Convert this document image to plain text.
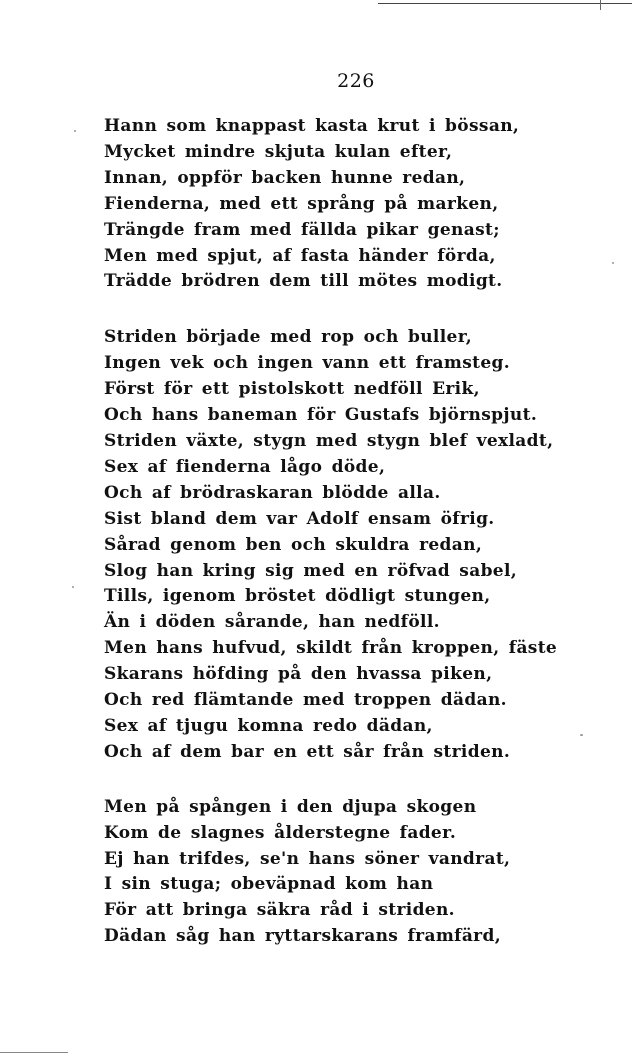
226
Hann som knappast kasta krut i bössan,
Mycket mindre skjuta kulan efter,
Innan, oppför backen hunne redan,
Fienderna, med ett språng på marken,
Trängde fram med fällda pikar genast;
Men med spjut, af fasta händer förda,
Trädde brödren dem till mötes modigt.
Striden började med rop och buller,
Ingen vek och ingen vann ett framsteg.
Först för ett pistolskott nedföll Erik,
Och hans baneman för Gustafs björnspjut.
Striden växte, stygn med stygn blef vexladt,
Sex af fienderna lågo döde,
Och af brödraskaran blödde alla.
Sist bland dem var Adolf ensam öfrig.
Sårad genom ben och skuldra redan,
Slog han kring sig med en röfvad sabel,
Tills, igenom bröstet dödligt stungen,
Än i döden sårande, han nedföll.
Men hans hufvud, skildt från kroppen, fäste
Skarans höfding på den hvassa piken,
Och red flämtande med troppen dädan.
Sex af tjugu komna redo dädan,
Och af dem bar en ett sår från striden.
Men på spången i den djupa skogen
Kom de slagnes ålderstegne fader.
Ej han trifdes, se'n hans söner vandrat,
I sin stuga; obeväpnad kom han
För att bringa säkra råd i striden.
Dädan såg han ryttarskarans framfärd,
